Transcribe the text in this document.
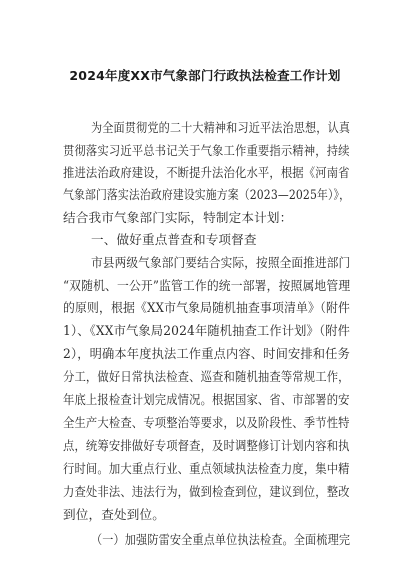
2024年度XX市气象部门行政执法检查工作计划
为全面贯彻党的二十大精神和习近平法治思想，认真
贯彻落实习近平总书记关于气象工作重要指示精神，持续
推进法治政府建设，不断提升法治化水平，根据《河南省
气象部门落实法治政府建设实施方案（2023—2025年）》，
结合我市气象部门实际，特制定本计划：
一、做好重点普查和专项督查
市县两级气象部门要结合实际，按照全面推进部门
“双随机、一公开”监管工作的统一部署，按照属地管理
的原则，根据《XX市气象局随机抽查事项清单》（附件
1）、《XX市气象局2024年随机抽查工作计划》（附件
2），明确本年度执法工作重点内容、时间安排和任务
分工，做好日常执法检查、巡查和随机抽查等常规工作，
年底上报检查计划完成情况。根据国家、省、市部署的安
全生产大检查、专项整治等要求，以及阶段性、季节性特
点，统筹安排做好专项督查，及时调整修订计划内容和执
行时间。加大重点行业、重点领域执法检查力度，集中精
力查处非法、违法行为，做到检查到位，建议到位，整改
到位，查处到位。
（一）加强防雷安全重点单位执法检查。全面梳理完
